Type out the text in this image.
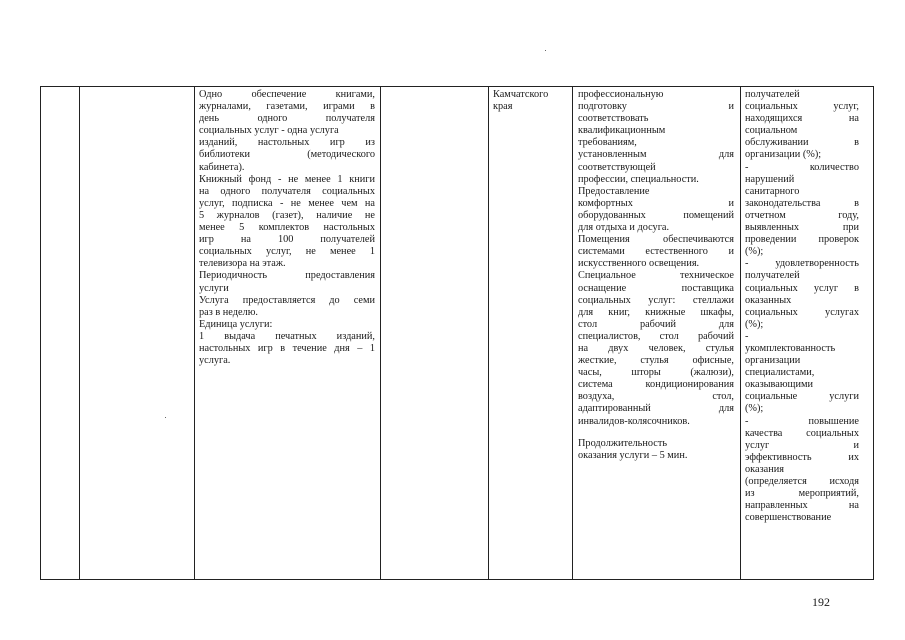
Одно обеспечение книгами,

журналами, газетами, играми в

день одного получателя

социальных услуг - одна услуга

изданий, настольных игр из

библиотеки (методического

кабинета).

Книжный фонд - не менее 1 книги

на одного получателя социальных

услуг, подписка - не менее чем на

5 журналов (газет), наличие не

менее 5 комплектов настольных

игр на 100 получателей

социальных услуг, не менее 1

телевизора на этаж.

Периодичность предоставления

услуги

Услуга предоставляется до семи

раз в неделю.

Единица услуги:

1 выдача печатных изданий,

настольных игр в течение дня – 1

услуга.

Камчатского

края

профессиональную

подготовку и

соответствовать

квалификационным

требованиям,

установленным для

соответствующей

профессии, специальности.

Предоставление

комфортных и

оборудованных помещений

для отдыха и досуга.

Помещения обеспечиваются

системами естественного и

искусственного освещения.

Специальное техническое

оснащение поставщика

социальных услуг: стеллажи

для книг, книжные шкафы,

стол рабочий для

специалистов, стол рабочий

на двух человек, стулья

жесткие, стулья офисные,

часы, шторы (жалюзи),

система кондиционирования

воздуха, стол,

адаптированный для

инвалидов-колясочников.

Продолжительность

оказания услуги – 5 мин.

получателей

социальных услуг,

находящихся на

социальном

обслуживании в

организации (%);

- количество

нарушений

санитарного

законодательства в

отчетном году,

выявленных при

проведении проверок

(%);

- удовлетворенность

получателей

социальных услуг в

оказанных

социальных услугах

(%);

-

укомплектованность

организации

специалистами,

оказывающими

социальные услуги

(%);

- повышение

качества социальных

услуг и

эффективность их

оказания

(определяется исходя

из мероприятий,

направленных на

совершенствование

192
